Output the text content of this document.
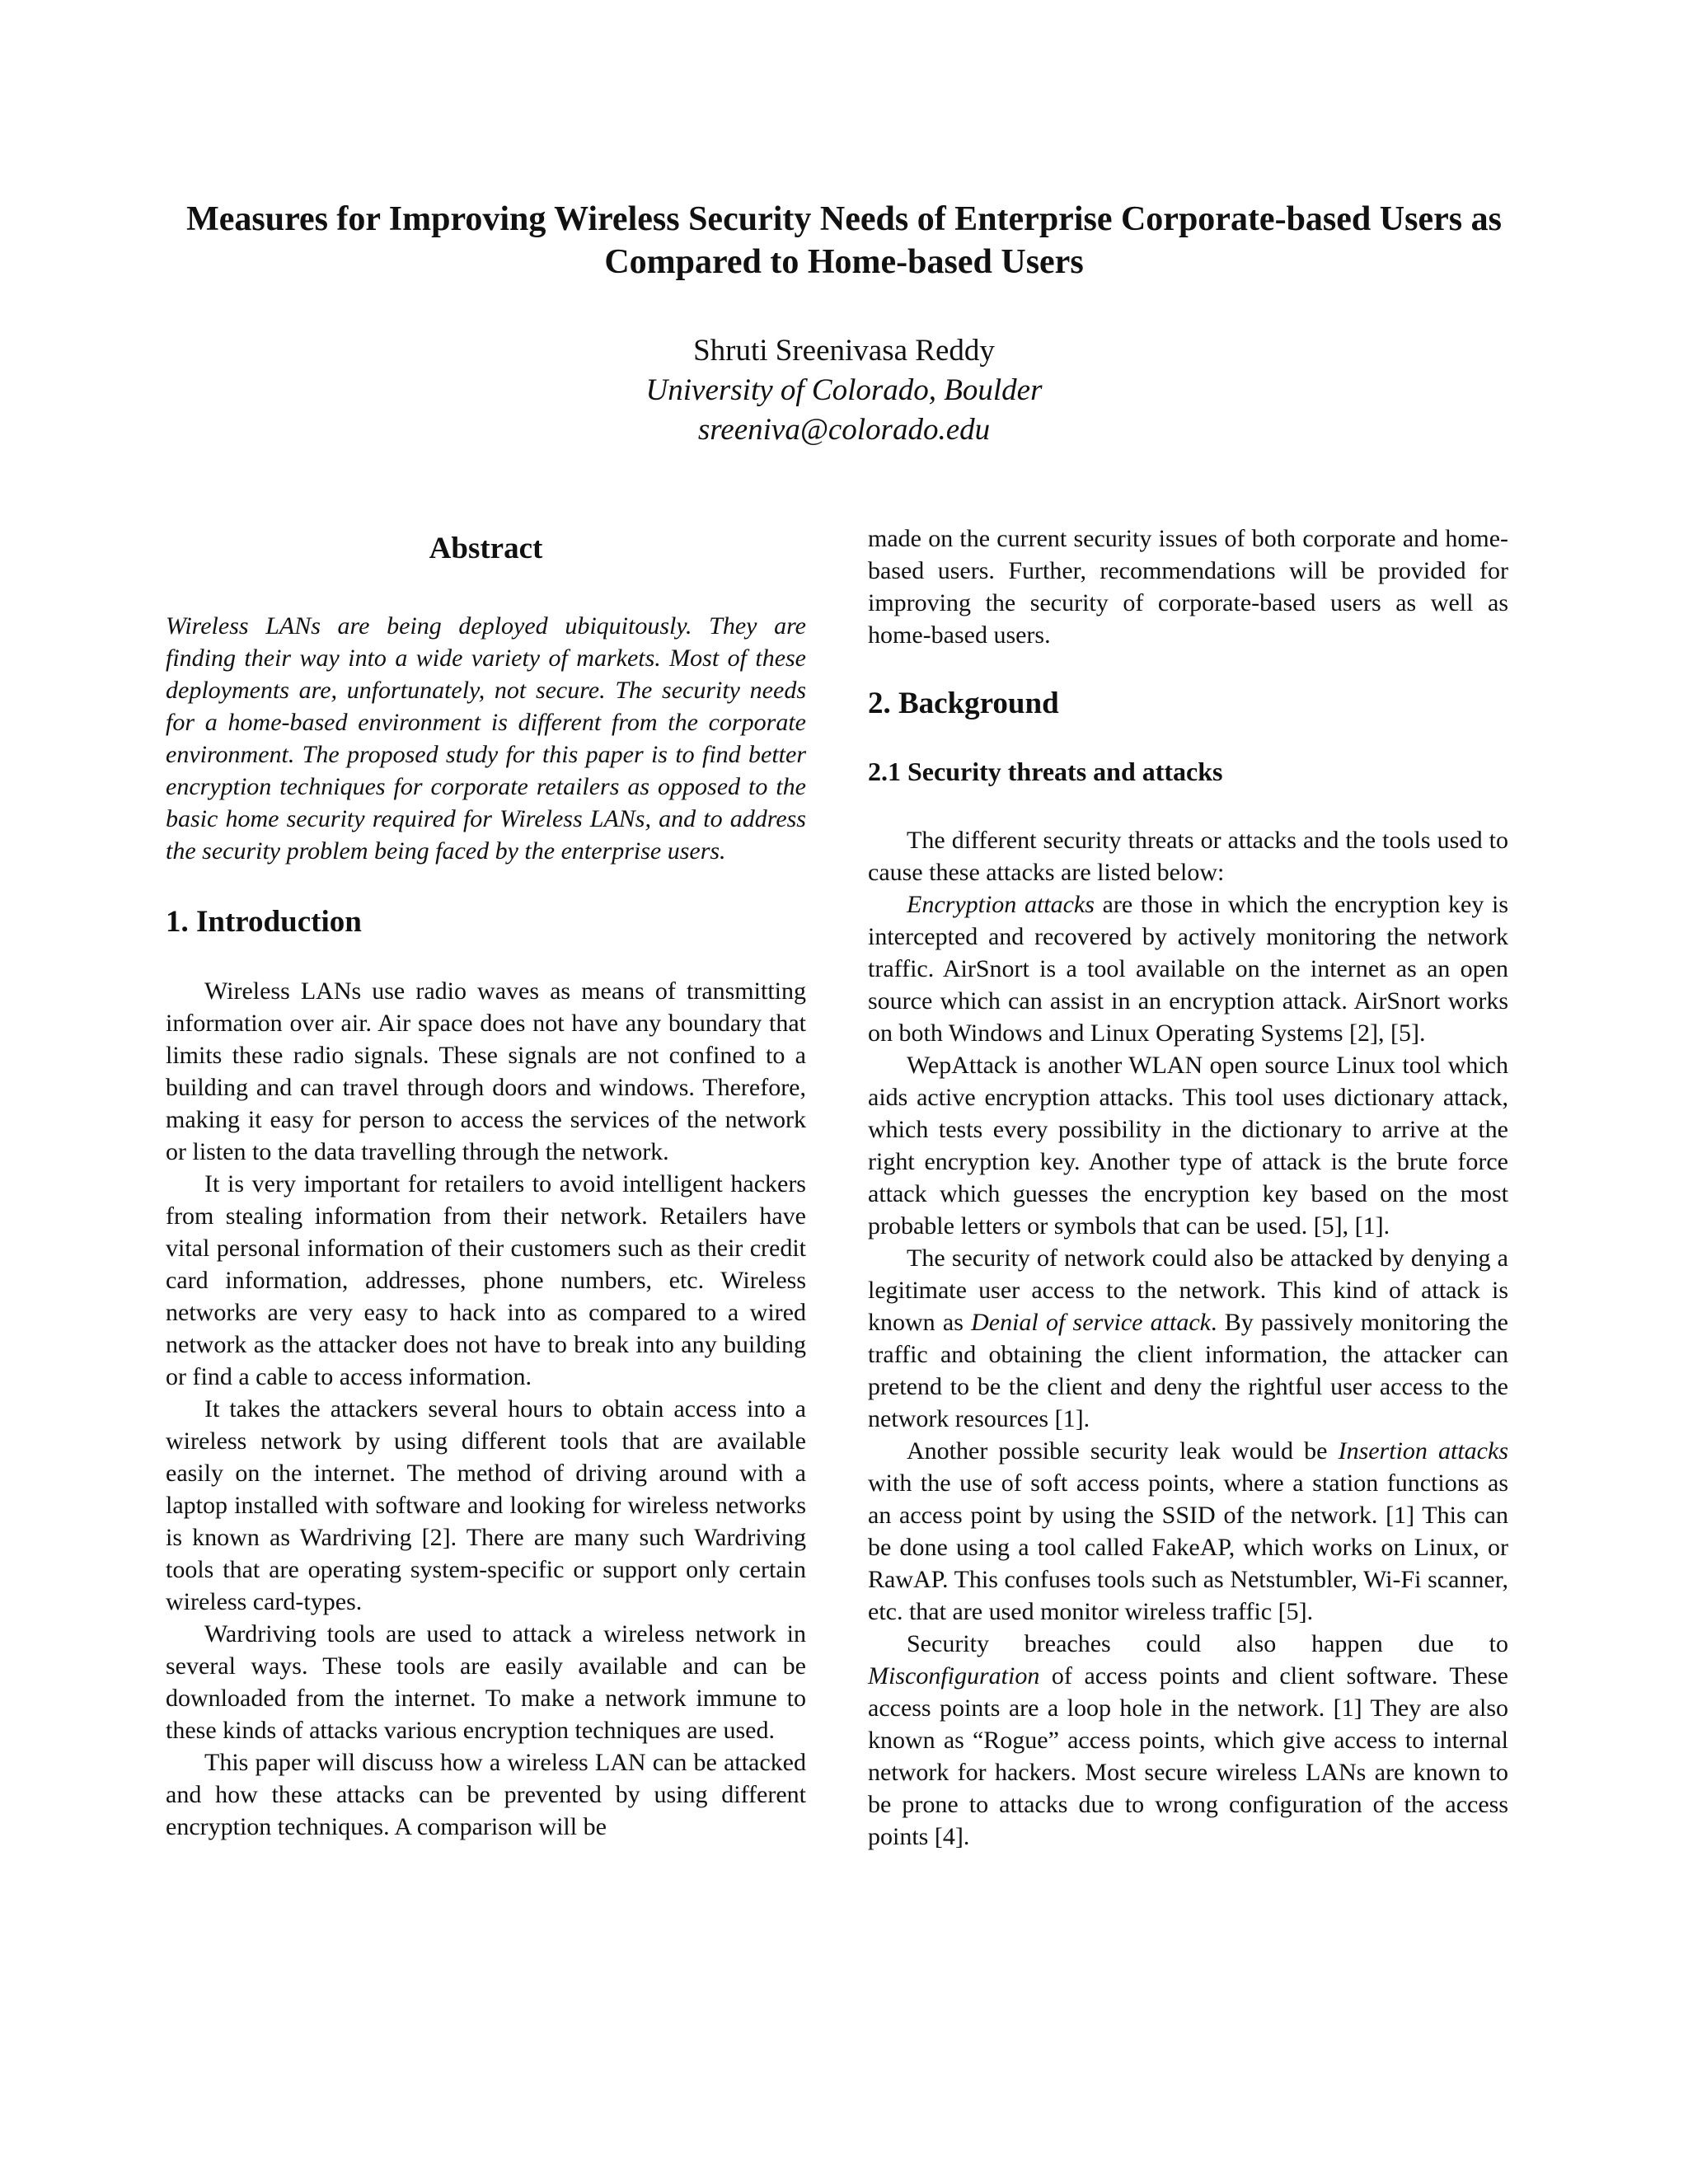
Measures for Improving Wireless Security Needs of Enterprise Corporate-based Users as Compared to Home-based Users
Shruti Sreenivasa Reddy
University of Colorado, Boulder
sreeniva@colorado.edu
Abstract

Wireless LANs are being deployed ubiquitously. They are finding their way into a wide variety of markets. Most of these deployments are, unfortunately, not secure. The security needs for a home-based environment is different from the corporate environment. The proposed study for this paper is to find better encryption techniques for corporate retailers as opposed to the basic home security required for Wireless LANs, and to address the security problem being faced by the enterprise users.

1. Introduction

Wireless LANs use radio waves as means of transmitting information over air. Air space does not have any boundary that limits these radio signals. These signals are not confined to a building and can travel through doors and windows. Therefore, making it easy for person to access the services of the network or listen to the data travelling through the network.

It is very important for retailers to avoid intelligent hackers from stealing information from their network. Retailers have vital personal information of their customers such as their credit card information, addresses, phone numbers, etc. Wireless networks are very easy to hack into as compared to a wired network as the attacker does not have to break into any building or find a cable to access information.

It takes the attackers several hours to obtain access into a wireless network by using different tools that are available easily on the internet. The method of driving around with a laptop installed with software and looking for wireless networks is known as Wardriving [2]. There are many such Wardriving tools that are operating system-specific or support only certain wireless card-types.

Wardriving tools are used to attack a wireless network in several ways. These tools are easily available and can be downloaded from the internet. To make a network immune to these kinds of attacks various encryption techniques are used.

This paper will discuss how a wireless LAN can be attacked and how these attacks can be prevented by using different encryption techniques. A comparison will be

made on the current security issues of both corporate and home-based users. Further, recommendations will be provided for improving the security of corporate-based users as well as home-based users.

2. Background
2.1 Security threats and attacks

The different security threats or attacks and the tools used to cause these attacks are listed below:

Encryption attacks are those in which the encryption key is intercepted and recovered by actively monitoring the network traffic. AirSnort is a tool available on the internet as an open source which can assist in an encryption attack. AirSnort works on both Windows and Linux Operating Systems [2], [5].

WepAttack is another WLAN open source Linux tool which aids active encryption attacks. This tool uses dictionary attack, which tests every possibility in the dictionary to arrive at the right encryption key. Another type of attack is the brute force attack which guesses the encryption key based on the most probable letters or symbols that can be used. [5], [1].

The security of network could also be attacked by denying a legitimate user access to the network. This kind of attack is known as Denial of service attack. By passively monitoring the traffic and obtaining the client information, the attacker can pretend to be the client and deny the rightful user access to the network resources [1].

Another possible security leak would be Insertion attacks with the use of soft access points, where a station functions as an access point by using the SSID of the network. [1] This can be done using a tool called FakeAP, which works on Linux, or RawAP. This confuses tools such as Netstumbler, Wi-Fi scanner, etc. that are used monitor wireless traffic [5].

Security breaches could also happen due to Misconfiguration of access points and client software. These access points are a loop hole in the network. [1] They are also known as “Rogue” access points, which give access to internal network for hackers. Most secure wireless LANs are known to be prone to attacks due to wrong configuration of the access points [4].
